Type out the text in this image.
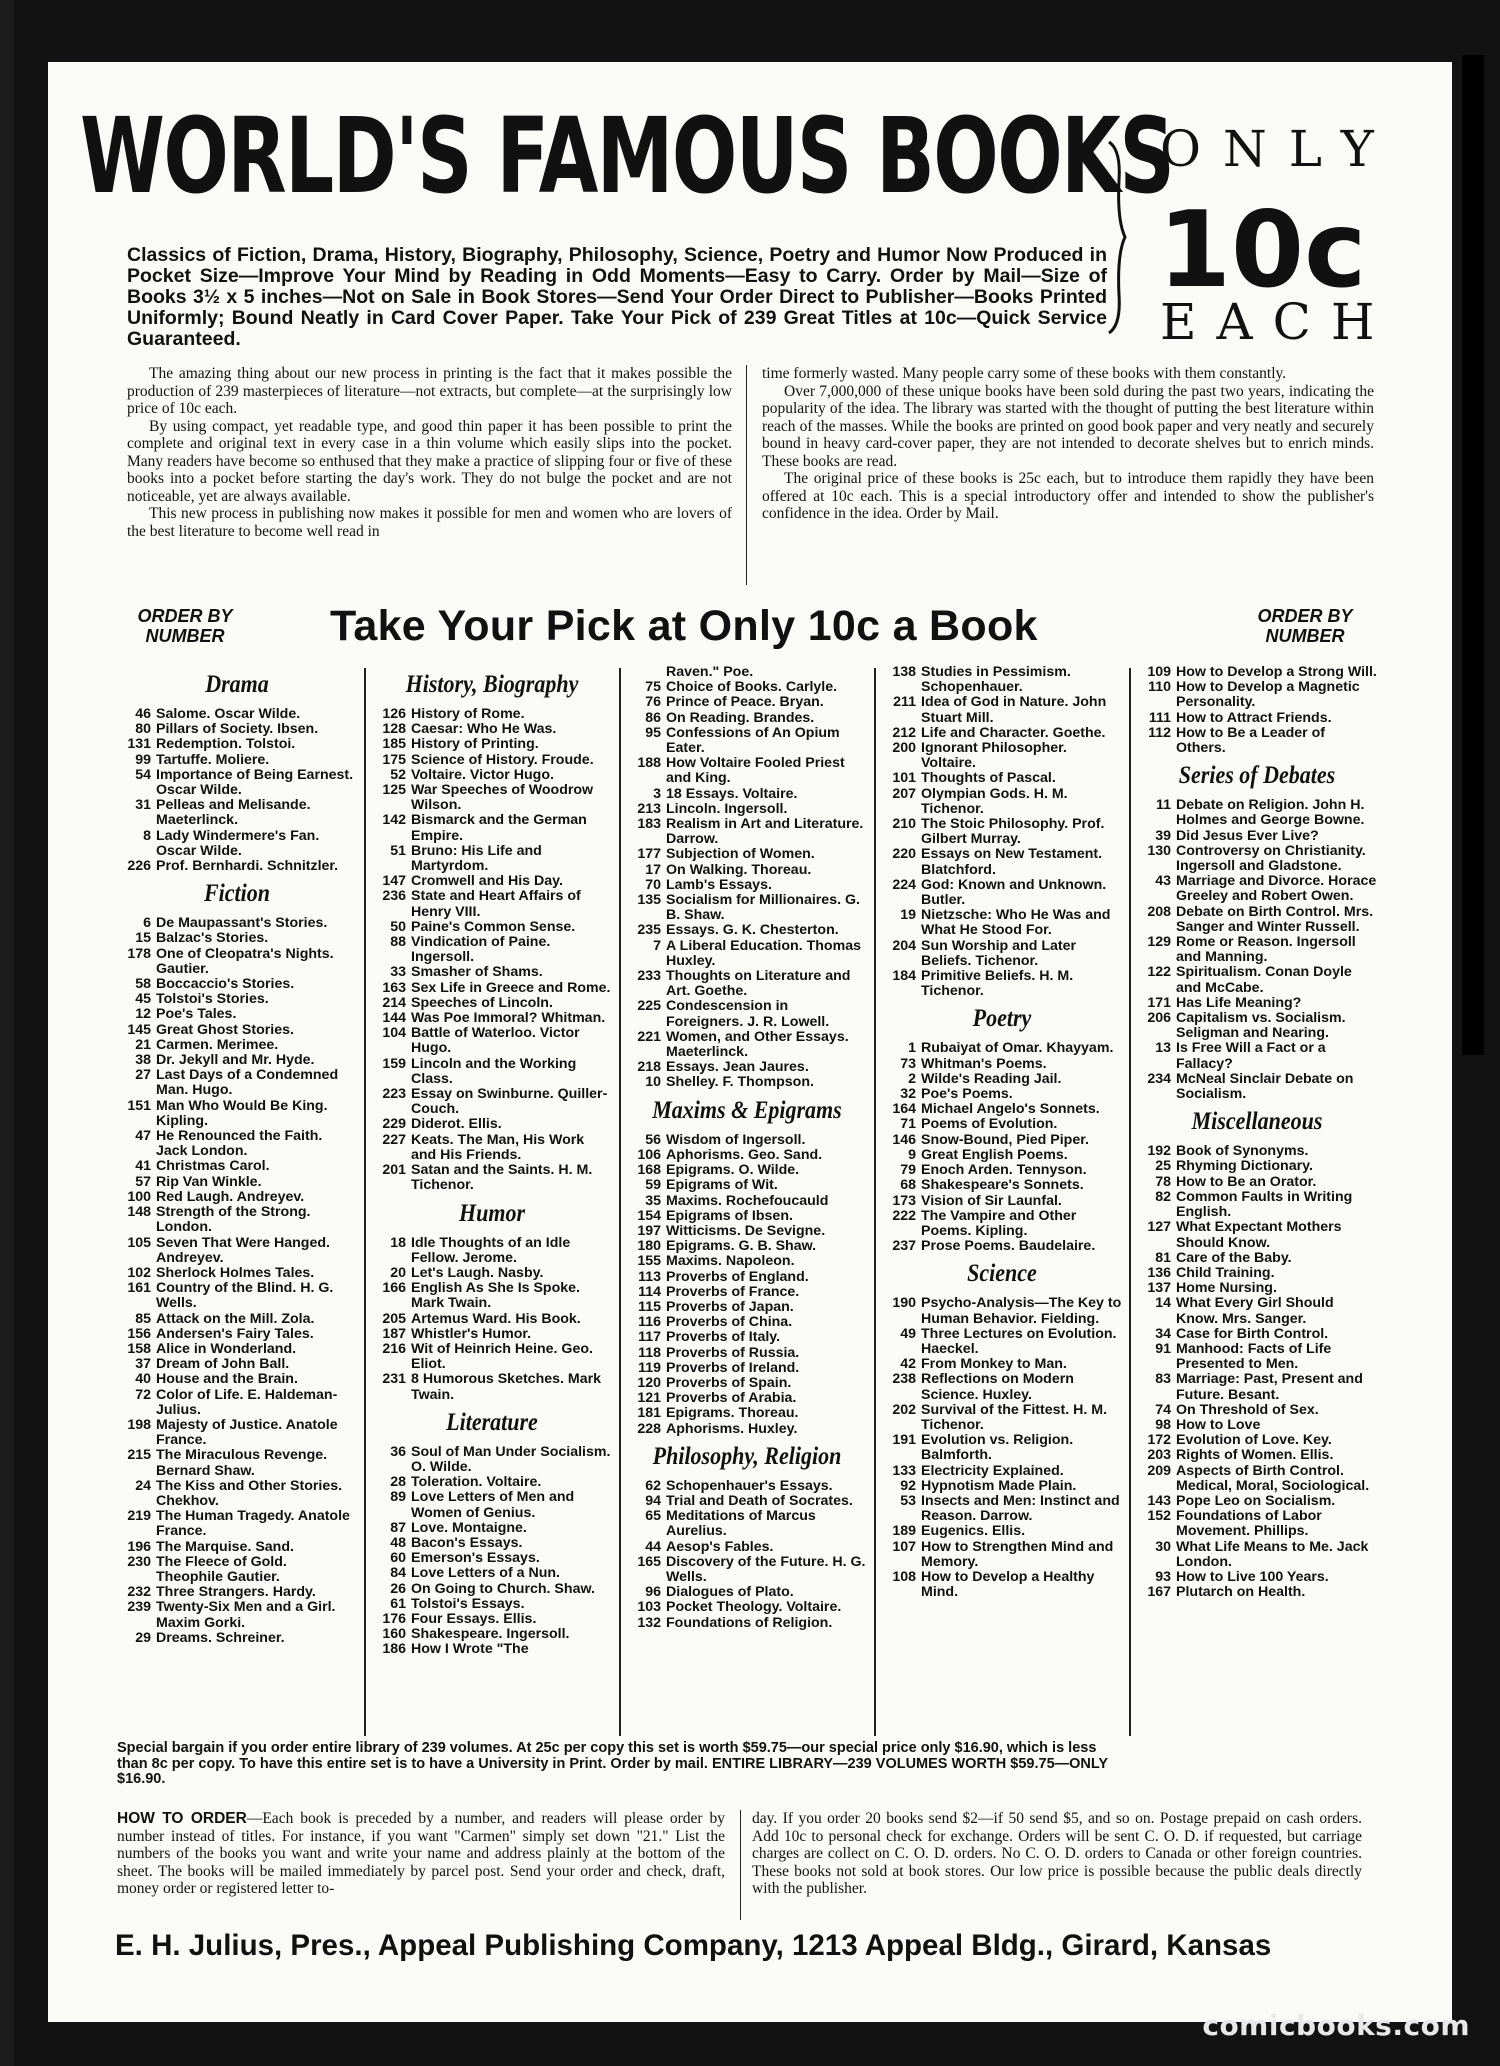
WORLD'S FAMOUS BOOKS
ONLY
10c
EACH
Classics of Fiction, Drama, History, Biography, Philosophy, Science, Poetry and Humor Now Produced in Pocket Size—Improve Your Mind by Reading in Odd Moments—Easy to Carry. Order by Mail—Size of Books 3½ x 5 inches—Not on Sale in Book Stores—Send Your Order Direct to Publisher—Books Printed Uniformly; Bound Neatly in Card Cover Paper. Take Your Pick of 239 Great Titles at 10c—Quick Service Guaranteed.

The amazing thing about our new process in printing is the fact that it makes possible the production of 239 masterpieces of literature—not extracts, but complete—at the surprisingly low price of 10c each.

By using compact, yet readable type, and good thin paper it has been possible to print the complete and original text in every case in a thin volume which easily slips into the pocket. Many readers have become so enthused that they make a practice of slipping four or five of these books into a pocket before starting the day's work. They do not bulge the pocket and are not noticeable, yet are always available.

This new process in publishing now makes it possible for men and women who are lovers of the best literature to become well read in

time formerly wasted. Many people carry some of these books with them constantly.

Over 7,000,000 of these unique books have been sold during the past two years, indicating the popularity of the idea. The library was started with the thought of putting the best literature within reach of the masses. While the books are printed on good book paper and very neatly and securely bound in heavy card-cover paper, they are not intended to decorate shelves but to enrich minds. These books are read.

The original price of these books is 25c each, but to introduce them rapidly they have been offered at 10c each. This is a special introductory offer and intended to show the publisher's confidence in the idea. Order by Mail.

ORDER BY NUMBER	Take Your Pick at Only 10c a Book	ORDER BY NUMBER
Drama
46 Salome. Oscar Wilde.
80 Pillars of Society. Ibsen.
131 Redemption. Tolstoi.
99 Tartuffe. Moliere.
54 Importance of Being Earnest. Oscar Wilde.
31 Pelleas and Melisande. Maeterlinck.
8 Lady Windermere's Fan. Oscar Wilde.
226 Prof. Bernhardi. Schnitzler.
Fiction
6 De Maupassant's Stories.
15 Balzac's Stories.
178 One of Cleopatra's Nights. Gautier.
58 Boccaccio's Stories.
45 Tolstoi's Stories.
12 Poe's Tales.
145 Great Ghost Stories.
21 Carmen. Merimee.
38 Dr. Jekyll and Mr. Hyde.
27 Last Days of a Condemned Man. Hugo.
151 Man Who Would Be King. Kipling.
47 He Renounced the Faith. Jack London.
41 Christmas Carol.
57 Rip Van Winkle.
100 Red Laugh. Andreyev.
148 Strength of the Strong. London.
105 Seven That Were Hanged. Andreyev.
102 Sherlock Holmes Tales.
161 Country of the Blind. H. G. Wells.
85 Attack on the Mill. Zola.
156 Andersen's Fairy Tales.
158 Alice in Wonderland.
37 Dream of John Ball.
40 House and the Brain.
72 Color of Life. E. Haldeman-Julius.
198 Majesty of Justice. Anatole France.
215 The Miraculous Revenge. Bernard Shaw.
24 The Kiss and Other Stories. Chekhov.
219 The Human Tragedy. Anatole France.
196 The Marquise. Sand.
230 The Fleece of Gold. Theophile Gautier.
232 Three Strangers. Hardy.
239 Twenty-Six Men and a Girl. Maxim Gorki.
29 Dreams. Schreiner.
History, Biography
126 History of Rome.
128 Caesar: Who He Was.
185 History of Printing.
175 Science of History. Froude.
52 Voltaire. Victor Hugo.
125 War Speeches of Woodrow Wilson.
142 Bismarck and the German Empire.
51 Bruno: His Life and Martyrdom.
147 Cromwell and His Day.
236 State and Heart Affairs of Henry VIII.
50 Paine's Common Sense.
88 Vindication of Paine. Ingersoll.
33 Smasher of Shams.
163 Sex Life in Greece and Rome.
214 Speeches of Lincoln.
144 Was Poe Immoral? Whitman.
104 Battle of Waterloo. Victor Hugo.
159 Lincoln and the Working Class.
223 Essay on Swinburne. Quiller-Couch.
229 Diderot. Ellis.
227 Keats. The Man, His Work and His Friends.
201 Satan and the Saints. H. M. Tichenor.
Humor
18 Idle Thoughts of an Idle Fellow. Jerome.
20 Let's Laugh. Nasby.
166 English As She Is Spoke. Mark Twain.
205 Artemus Ward. His Book.
187 Whistler's Humor.
216 Wit of Heinrich Heine. Geo. Eliot.
231 8 Humorous Sketches. Mark Twain.
Literature
36 Soul of Man Under Socialism. O. Wilde.
28 Toleration. Voltaire.
89 Love Letters of Men and Women of Genius.
87 Love. Montaigne.
48 Bacon's Essays.
60 Emerson's Essays.
84 Love Letters of a Nun.
26 On Going to Church. Shaw.
61 Tolstoi's Essays.
176 Four Essays. Ellis.
160 Shakespeare. Ingersoll.
186 How I Wrote "The
Raven." Poe.
75 Choice of Books. Carlyle.
76 Prince of Peace. Bryan.
86 On Reading. Brandes.
95 Confessions of An Opium Eater.
188 How Voltaire Fooled Priest and King.
3 18 Essays. Voltaire.
213 Lincoln. Ingersoll.
183 Realism in Art and Literature. Darrow.
177 Subjection of Women.
17 On Walking. Thoreau.
70 Lamb's Essays.
135 Socialism for Millionaires. G. B. Shaw.
235 Essays. G. K. Chesterton.
7 A Liberal Education. Thomas Huxley.
233 Thoughts on Literature and Art. Goethe.
225 Condescension in Foreigners. J. R. Lowell.
221 Women, and Other Essays. Maeterlinck.
218 Essays. Jean Jaures.
10 Shelley. F. Thompson.
Maxims & Epigrams
56 Wisdom of Ingersoll.
106 Aphorisms. Geo. Sand.
168 Epigrams. O. Wilde.
59 Epigrams of Wit.
35 Maxims. Rochefoucauld
154 Epigrams of Ibsen.
197 Witticisms. De Sevigne.
180 Epigrams. G. B. Shaw.
155 Maxims. Napoleon.
113 Proverbs of England.
114 Proverbs of France.
115 Proverbs of Japan.
116 Proverbs of China.
117 Proverbs of Italy.
118 Proverbs of Russia.
119 Proverbs of Ireland.
120 Proverbs of Spain.
121 Proverbs of Arabia.
181 Epigrams. Thoreau.
228 Aphorisms. Huxley.
Philosophy, Religion
62 Schopenhauer's Essays.
94 Trial and Death of Socrates.
65 Meditations of Marcus Aurelius.
44 Aesop's Fables.
165 Discovery of the Future. H. G. Wells.
96 Dialogues of Plato.
103 Pocket Theology. Voltaire.
132 Foundations of Religion.
138 Studies in Pessimism. Schopenhauer.
211 Idea of God in Nature. John Stuart Mill.
212 Life and Character. Goethe.
200 Ignorant Philosopher. Voltaire.
101 Thoughts of Pascal.
207 Olympian Gods. H. M. Tichenor.
210 The Stoic Philosophy. Prof. Gilbert Murray.
220 Essays on New Testament. Blatchford.
224 God: Known and Unknown. Butler.
19 Nietzsche: Who He Was and What He Stood For.
204 Sun Worship and Later Beliefs. Tichenor.
184 Primitive Beliefs. H. M. Tichenor.
Poetry
1 Rubaiyat of Omar. Khayyam.
73 Whitman's Poems.
2 Wilde's Reading Jail.
32 Poe's Poems.
164 Michael Angelo's Sonnets.
71 Poems of Evolution.
146 Snow-Bound, Pied Piper.
9 Great English Poems.
79 Enoch Arden. Tennyson.
68 Shakespeare's Sonnets.
173 Vision of Sir Launfal.
222 The Vampire and Other Poems. Kipling.
237 Prose Poems. Baudelaire.
Science
190 Psycho-Analysis—The Key to Human Behavior. Fielding.
49 Three Lectures on Evolution. Haeckel.
42 From Monkey to Man.
238 Reflections on Modern Science. Huxley.
202 Survival of the Fittest. H. M. Tichenor.
191 Evolution vs. Religion. Balmforth.
133 Electricity Explained.
92 Hypnotism Made Plain.
53 Insects and Men: Instinct and Reason. Darrow.
189 Eugenics. Ellis.
107 How to Strengthen Mind and Memory.
108 How to Develop a Healthy Mind.
109 How to Develop a Strong Will.
110 How to Develop a Magnetic Personality.
111 How to Attract Friends.
112 How to Be a Leader of Others.
Series of Debates
11 Debate on Religion. John H. Holmes and George Bowne.
39 Did Jesus Ever Live?
130 Controversy on Christianity. Ingersoll and Gladstone.
43 Marriage and Divorce. Horace Greeley and Robert Owen.
208 Debate on Birth Control. Mrs. Sanger and Winter Russell.
129 Rome or Reason. Ingersoll and Manning.
122 Spiritualism. Conan Doyle and McCabe.
171 Has Life Meaning?
206 Capitalism vs. Socialism. Seligman and Nearing.
13 Is Free Will a Fact or a Fallacy?
234 McNeal Sinclair Debate on Socialism.
Miscellaneous
192 Book of Synonyms.
25 Rhyming Dictionary.
78 How to Be an Orator.
82 Common Faults in Writing English.
127 What Expectant Mothers Should Know.
81 Care of the Baby.
136 Child Training.
137 Home Nursing.
14 What Every Girl Should Know. Mrs. Sanger.
34 Case for Birth Control.
91 Manhood: Facts of Life Presented to Men.
83 Marriage: Past, Present and Future. Besant.
74 On Threshold of Sex.
98 How to Love
172 Evolution of Love. Key.
203 Rights of Women. Ellis.
209 Aspects of Birth Control. Medical, Moral, Sociological.
143 Pope Leo on Socialism.
152 Foundations of Labor Movement. Phillips.
30 What Life Means to Me. Jack London.
93 How to Live 100 Years.
167 Plutarch on Health.
Special bargain if you order entire library of 239 volumes. At 25c per copy this set is worth $59.75—our special price only $16.90, which is less than 8c per copy. To have this entire set is to have a University in Print. Order by mail. ENTIRE LIBRARY—239 VOLUMES WORTH $59.75—ONLY $16.90.
HOW TO ORDER—Each book is preceded by a number, and readers will please order by number instead of titles. For instance, if you want "Carmen" simply set down "21." List the numbers of the books you want and write your name and address plainly at the bottom of the sheet. The books will be mailed immediately by parcel post. Send your order and check, draft, money order or registered letter to-
day. If you order 20 books send $2—if 50 send $5, and so on. Postage prepaid on cash orders. Add 10c to personal check for exchange. Orders will be sent C. O. D. if requested, but carriage charges are collect on C. O. D. orders. No C. O. D. orders to Canada or other foreign countries. These books not sold at book stores. Our low price is possible because the public deals directly with the publisher.
E. H. Julius, Pres., Appeal Publishing Company, 1213 Appeal Bldg., Girard, Kansas
comicbooks.com
